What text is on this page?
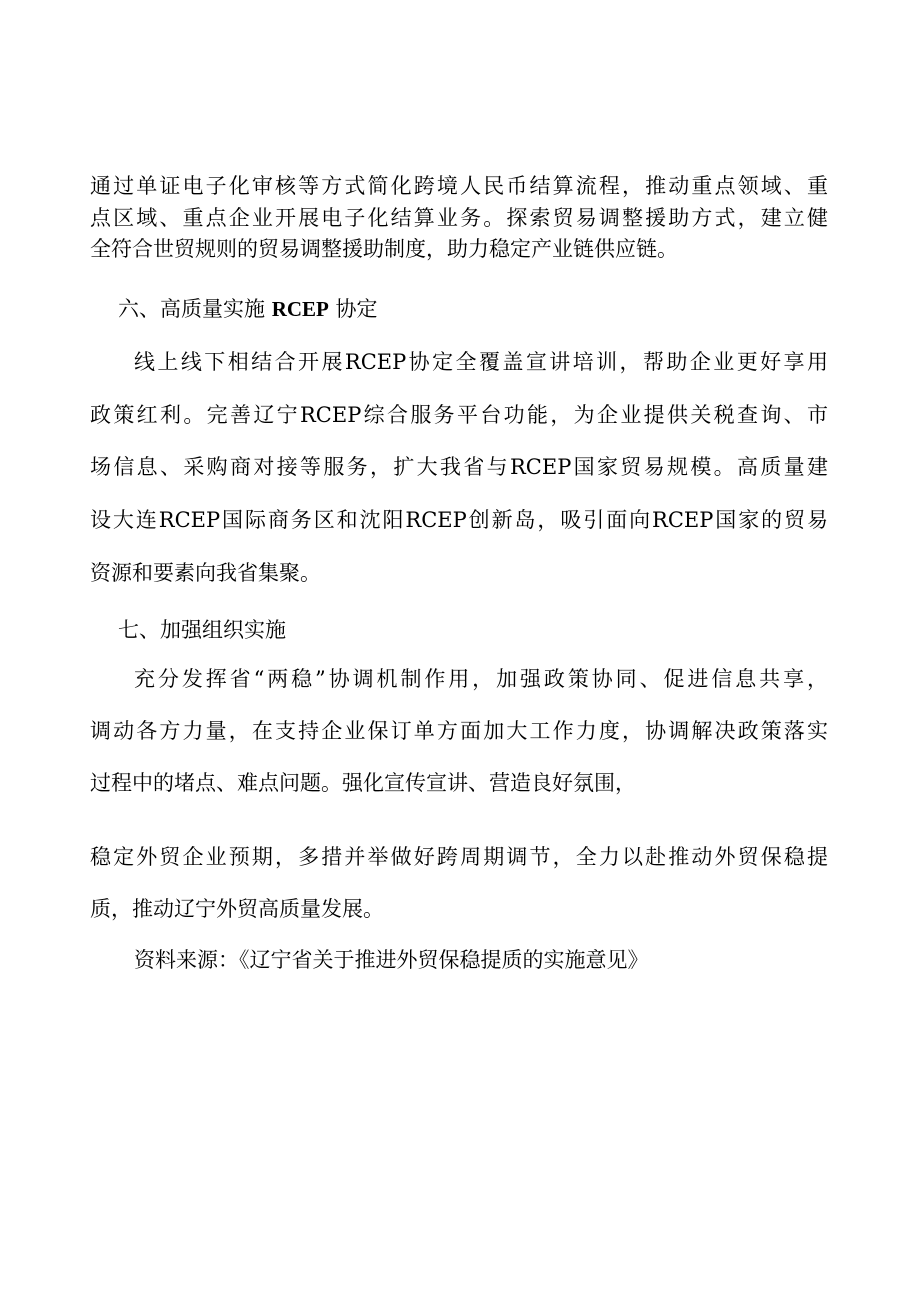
通过单证电子化审核等方式简化跨境人民币结算流程，推动重点领域、重
点区域、重点企业开展电子化结算业务。探索贸易调整援助方式，建立健
全符合世贸规则的贸易调整援助制度，助力稳定产业链供应链。
六、高质量实施 RCEP 协定
线上线下相结合开展RCEP协定全覆盖宣讲培训，帮助企业更好享用
政策红利。完善辽宁RCEP综合服务平台功能，为企业提供关税查询、市
场信息、采购商对接等服务，扩大我省与RCEP国家贸易规模。高质量建
设大连RCEP国际商务区和沈阳RCEP创新岛，吸引面向RCEP国家的贸易
资源和要素向我省集聚。
七、加强组织实施
充分发挥省“两稳”协调机制作用，加强政策协同、促进信息共享，
调动各方力量，在支持企业保订单方面加大工作力度，协调解决政策落实
过程中的堵点、难点问题。强化宣传宣讲、营造良好氛围，
稳定外贸企业预期，多措并举做好跨周期调节，全力以赴推动外贸保稳提
质，推动辽宁外贸高质量发展。
资料来源：《辽宁省关于推进外贸保稳提质的实施意见》
